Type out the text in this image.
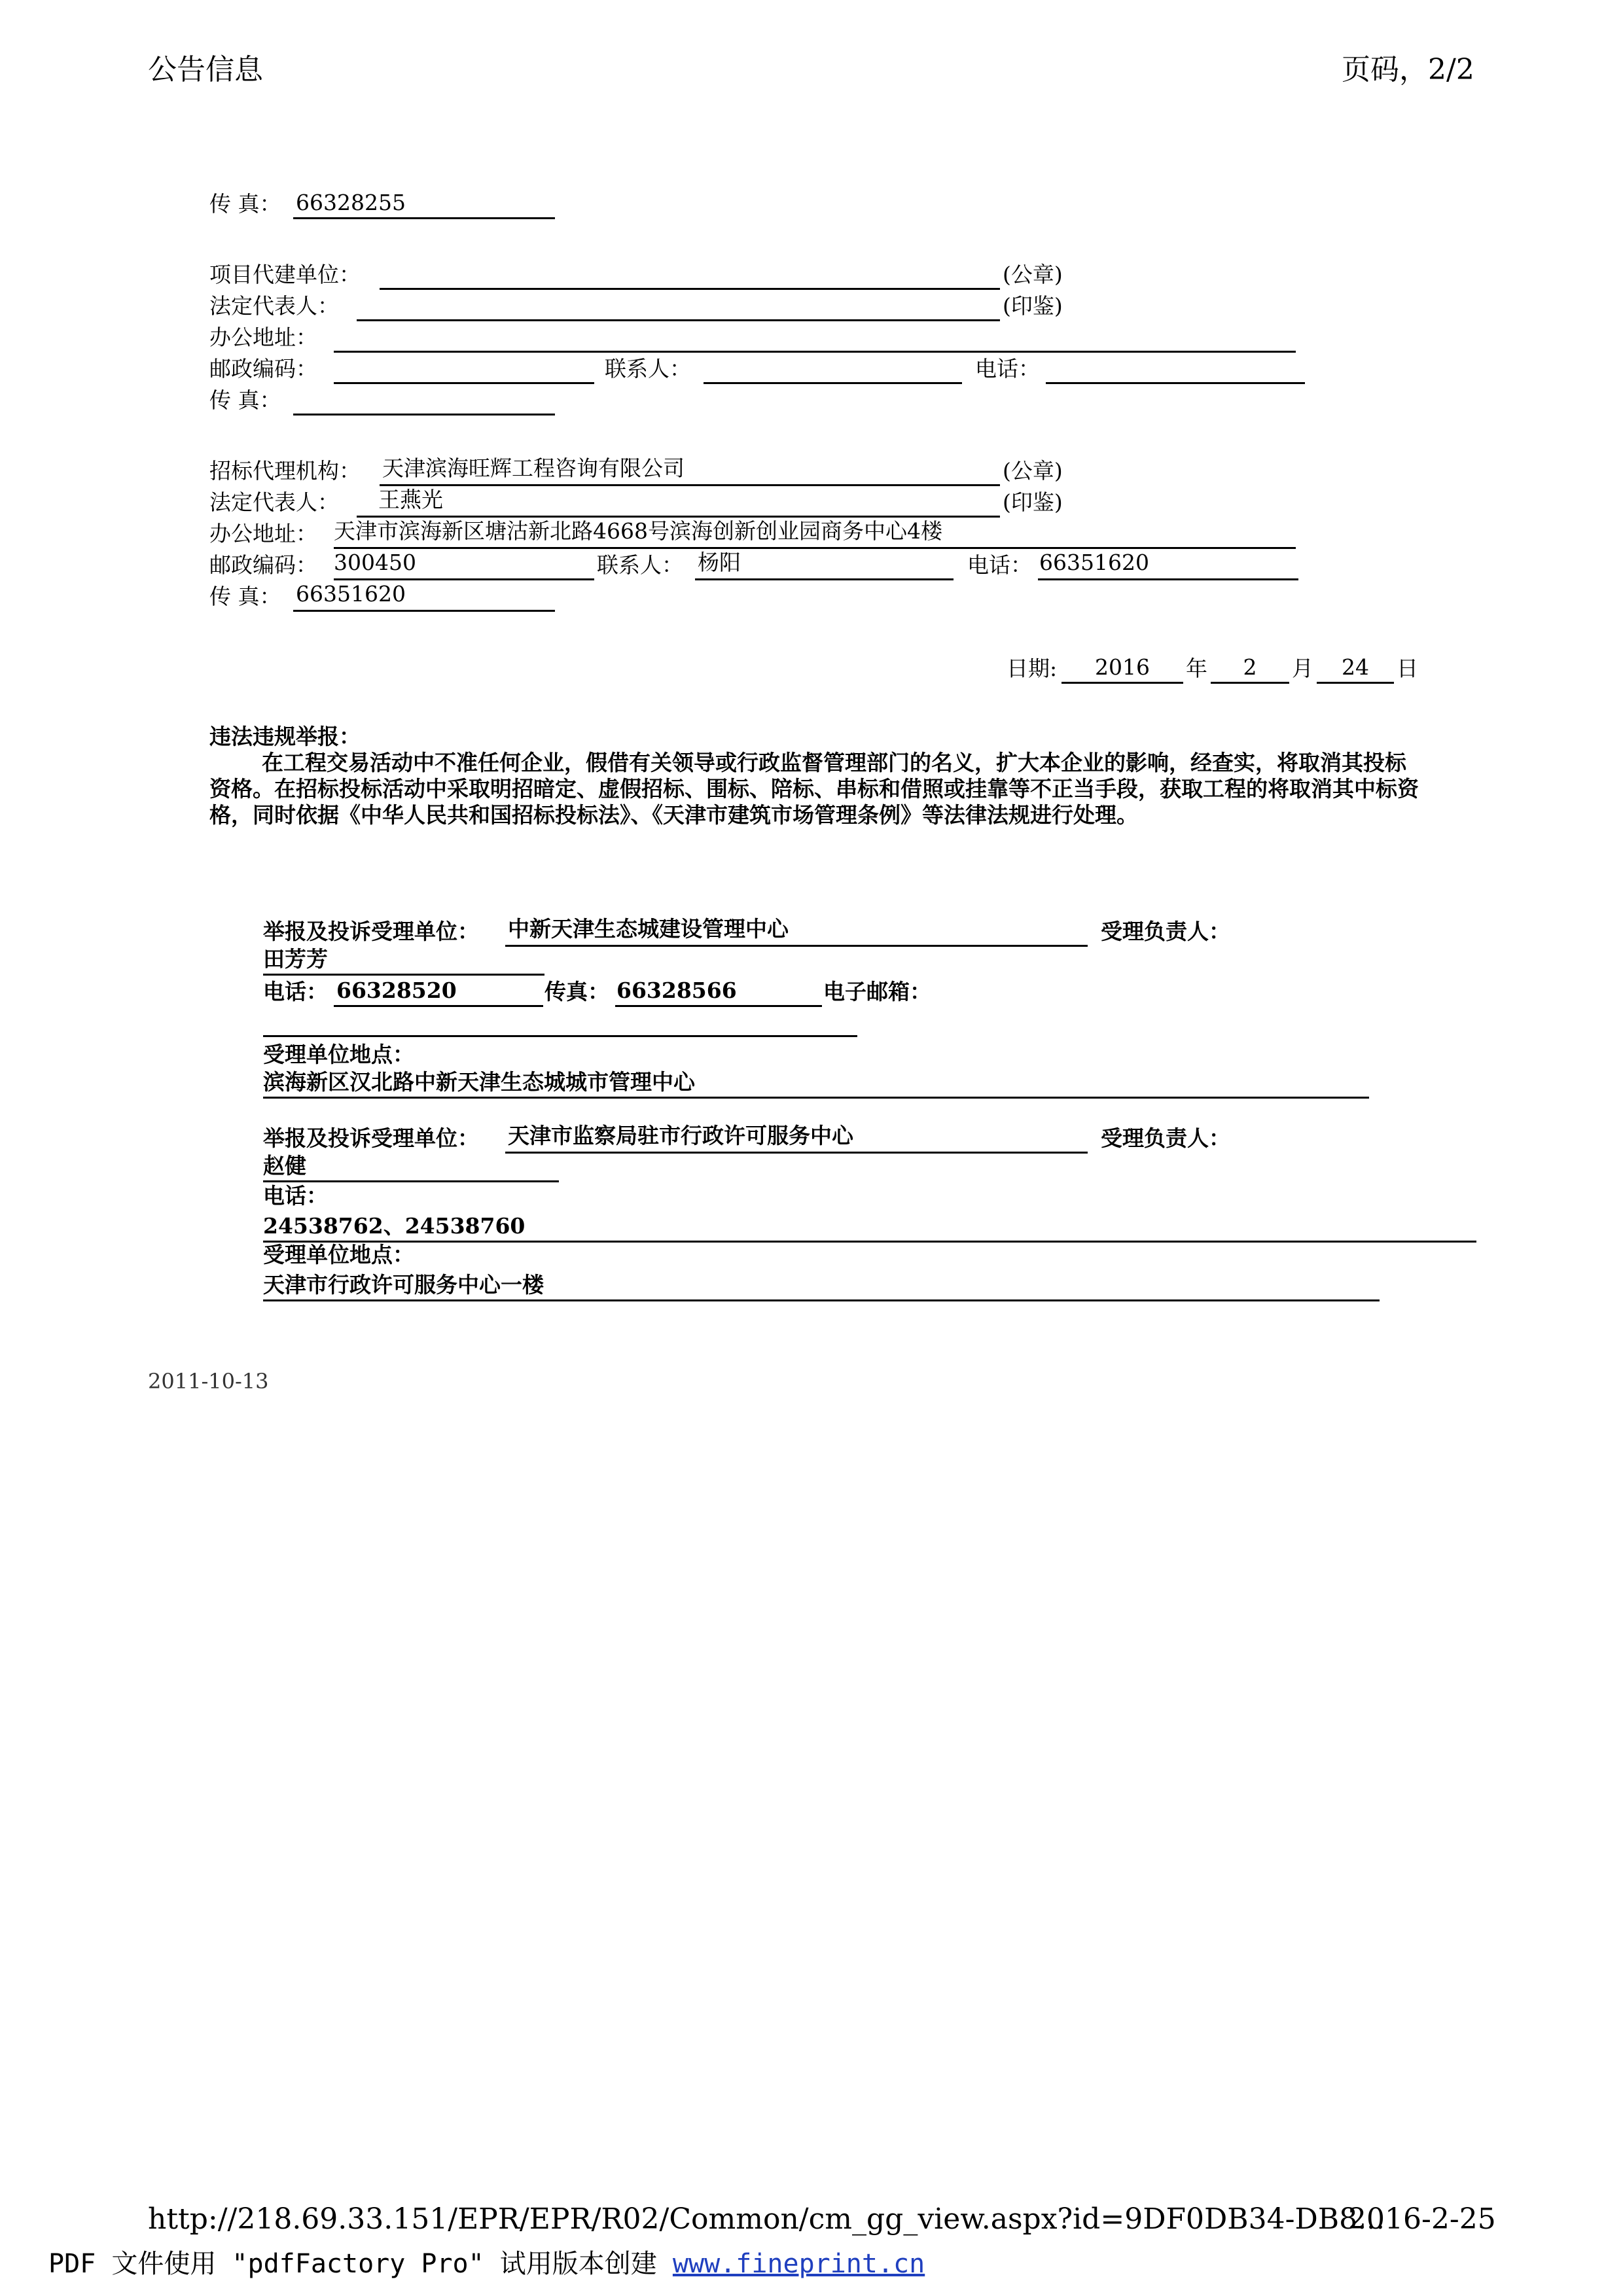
公告信息	页码，2/2
传 真： 66328255
项目代建单位：	(公章)
法定代表人：	(印鉴)
办公地址：
邮政编码：	联系人：	电话：
传 真：
招标代理机构： 天津滨海旺辉工程咨询有限公司	(公章)
法定代表人： 王燕光	(印鉴)
办公地址： 天津市滨海新区塘沽新北路4668号滨海创新创业园商务中心4楼
邮政编码： 300450	联系人： 杨阳	电话： 66351620
传 真： 66351620
日期:	2016	年	2	月	24	日
违法违规举报：
在工程交易活动中不准任何企业，假借有关领导或行政监督管理部门的名义，扩大本企业的影响，经查实，将取消其投标资格。在招标投标活动中采取明招暗定、虚假招标、围标、陪标、串标和借照或挂靠等不正当手段，获取工程的将取消其中标资格，同时依据《中华人民共和国招标投标法》、《天津市建筑市场管理条例》等法律法规进行处理。
举报及投诉受理单位： 中新天津生态城建设管理中心	受理负责人：
田芳芳
电话： 66328520	传真： 66328566	电子邮箱：
受理单位地点：
滨海新区汉北路中新天津生态城城市管理中心
举报及投诉受理单位： 天津市监察局驻市行政许可服务中心	受理负责人：
赵健
电话：
24538762、24538760
受理单位地点：
天津市行政许可服务中心一楼
2011-10-13
http://218.69.33.151/EPR/EPR/R02/Common/cm_gg_view.aspx?id=9DF0DB34-DB8...
2016-2-25
PDF 文件使用 "pdfFactory Pro" 试用版本创建 www.fineprint.cn
